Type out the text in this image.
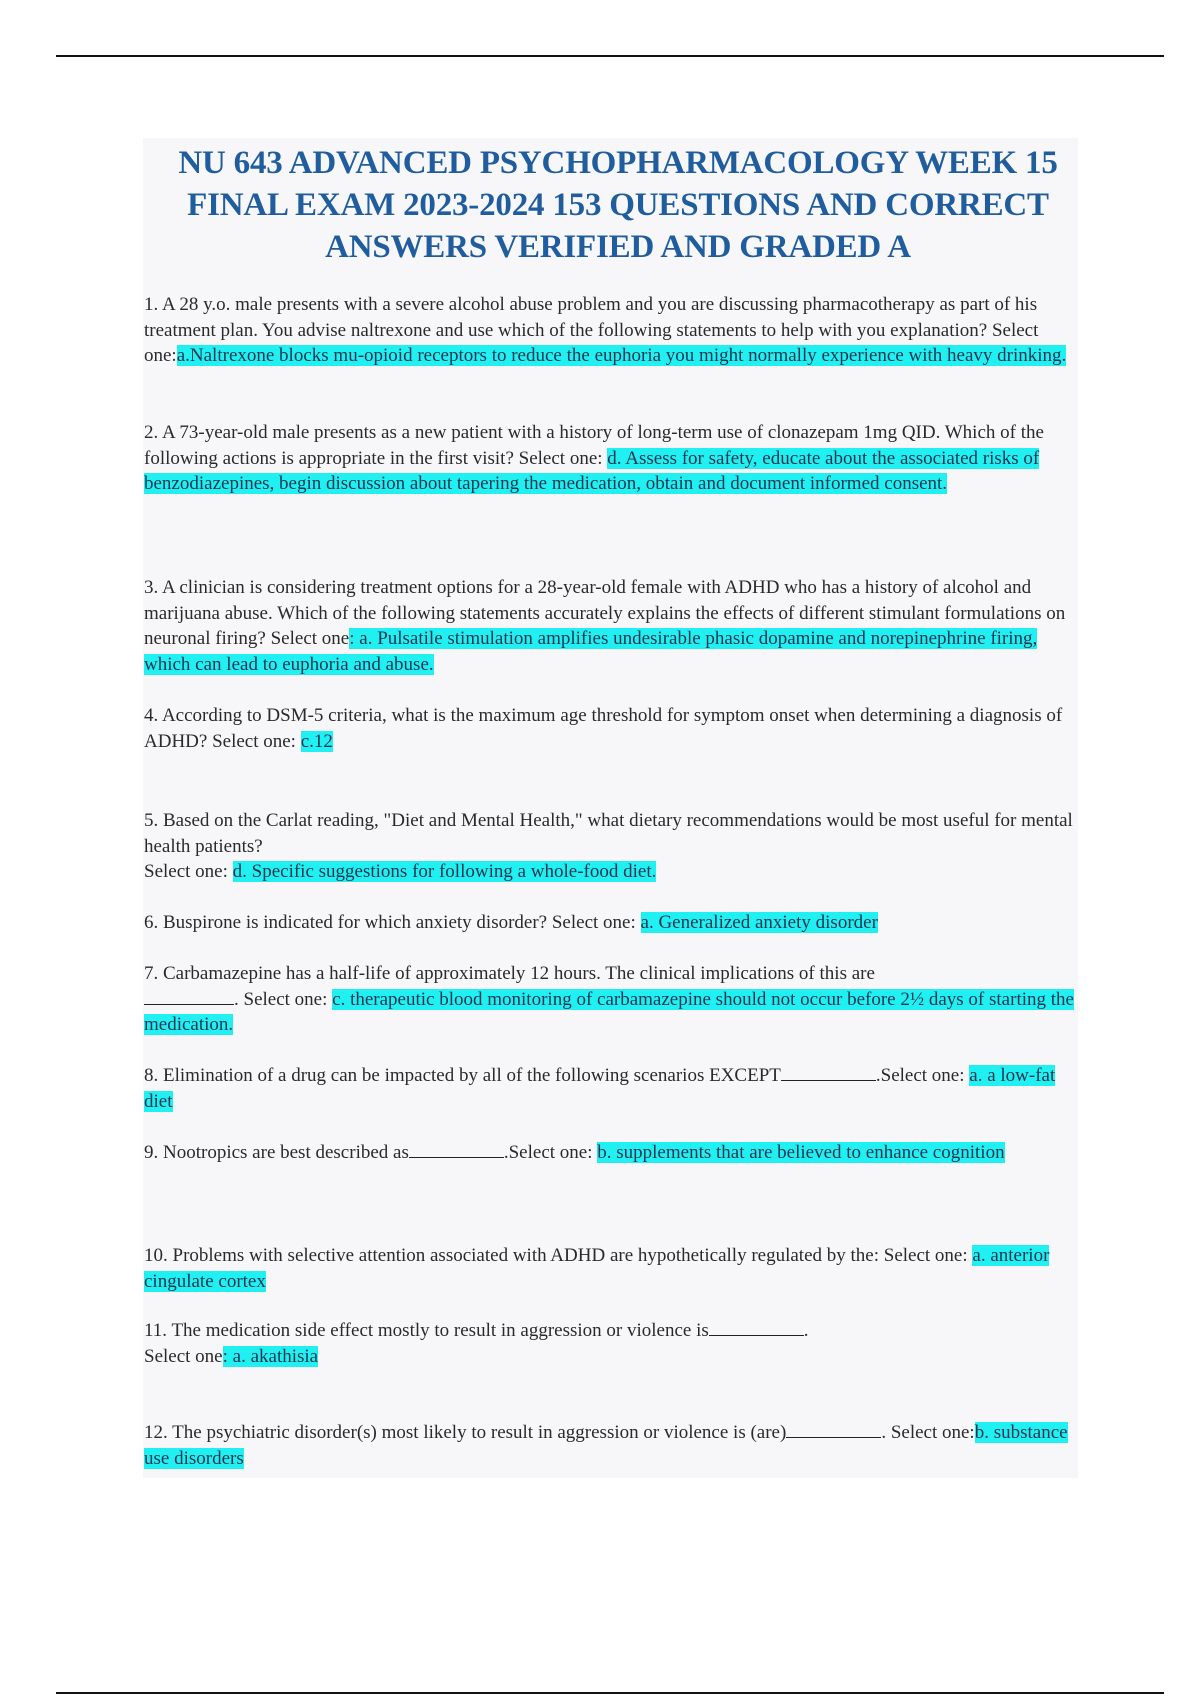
NU 643 ADVANCED PSYCHOPHARMACOLOGY WEEK 15 FINAL EXAM 2023-2024 153 QUESTIONS AND CORRECT ANSWERS VERIFIED AND GRADED A
1. A 28 y.o. male presents with a severe alcohol abuse problem and you are discussing pharmacotherapy as part of his treatment plan. You advise naltrexone and use which of the following statements to help with you explanation? Select one:a.Naltrexone blocks mu-opioid receptors to reduce the euphoria you might normally experience with heavy drinking.
2. A 73-year-old male presents as a new patient with a history of long-term use of clonazepam 1mg QID. Which of the following actions is appropriate in the first visit? Select one: d. Assess for safety, educate about the associated risks of benzodiazepines, begin discussion about tapering the medication, obtain and document informed consent.
3. A clinician is considering treatment options for a 28-year-old female with ADHD who has a history of alcohol and marijuana abuse. Which of the following statements accurately explains the effects of different stimulant formulations on neuronal firing? Select one: a. Pulsatile stimulation amplifies undesirable phasic dopamine and norepinephrine firing, which can lead to euphoria and abuse.
4. According to DSM-5 criteria, what is the maximum age threshold for symptom onset when determining a diagnosis of ADHD? Select one: c.12
5. Based on the Carlat reading, "Diet and Mental Health," what dietary recommendations would be most useful for mental health patients?
Select one: d. Specific suggestions for following a whole-food diet.
6. Buspirone is indicated for which anxiety disorder? Select one: a. Generalized anxiety disorder
7. Carbamazepine has a half-life of approximately 12 hours. The clinical implications of this are
. Select one: c. therapeutic blood monitoring of carbamazepine should not occur before 2½ days of starting the medication.
8. Elimination of a drug can be impacted by all of the following scenarios EXCEPT	.Select one: a. a low-fat diet
9. Nootropics are best described as	.Select one: b. supplements that are believed to enhance cognition
10. Problems with selective attention associated with ADHD are hypothetically regulated by the: Select one: a. anterior cingulate cortex
11. The medication side effect mostly to result in aggression or violence is	.
Select one: a. akathisia
12. The psychiatric disorder(s) most likely to result in aggression or violence is (are)	. Select one:b. substance use disorders
